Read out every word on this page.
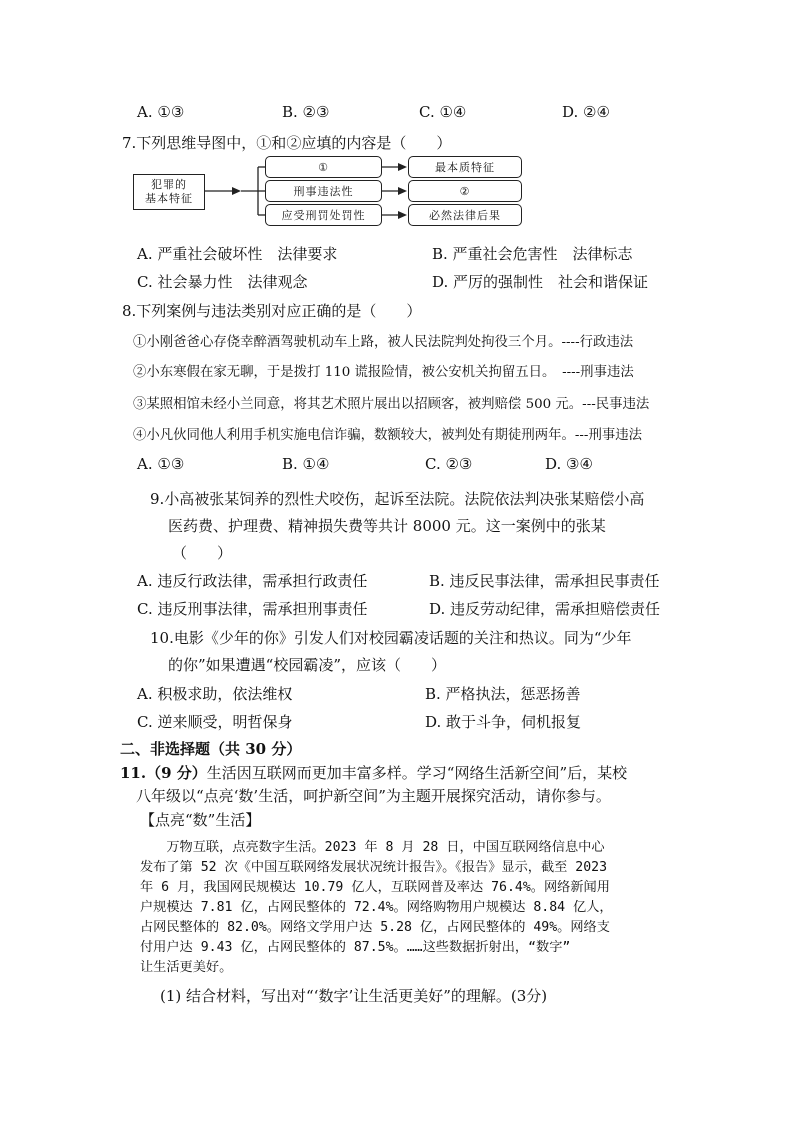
A. ①③	B. ②③	C. ①④	D. ②④
7.下列思维导图中，①和②应填的内容是（　　）
犯罪的
基本特征
①
刑事违法性
应受刑罚处罚性
最本质特征
②
必然法律后果
A. 严重社会破坏性　法律要求	B. 严重社会危害性　法律标志
C. 社会暴力性　法律观念	D. 严厉的强制性　社会和谐保证
8.下列案例与违法类别对应正确的是（　　）
①小刚爸爸心存侥幸醉酒驾驶机动车上路，被人民法院判处拘役三个月。----行政违法
②小东寒假在家无聊，于是拨打 110 谎报险情，被公安机关拘留五日。　----刑事违法
③某照相馆未经小兰同意，将其艺术照片展出以招顾客，被判赔偿 500 元。---民事违法
④小凡伙同他人利用手机实施电信诈骗，数额较大，被判处有期徒刑两年。---刑事违法
A. ①③	B. ①④	C. ②③	D. ③④
9.小高被张某饲养的烈性犬咬伤，起诉至法院。法院依法判决张某赔偿小高
医药费、护理费、精神损失费等共计 8000 元。这一案例中的张某
（　　）
A. 违反行政法律，需承担行政责任	B. 违反民事法律，需承担民事责任
C. 违反刑事法律，需承担刑事责任	D. 违反劳动纪律，需承担赔偿责任
10.电影《少年的你》引发人们对校园霸凌话题的关注和热议。同为“少年
的你”如果遭遇“校园霸凌”，应该（　　）
A. 积极求助，依法维权	B. 严格执法，惩恶扬善
C. 逆来顺受，明哲保身	D. 敢于斗争，伺机报复
二、非选择题（共 30 分）
11.（9 分）生活因互联网而更加丰富多样。学习“网络生活新空间”后，某校
八年级以“点亮‘数’生活，呵护新空间”为主题开展探究活动，请你参与。
【点亮“数”生活】
　　万物互联，点亮数字生活。2023 年 8 月 28 日，中国互联网络信息中心
发布了第 52 次《中国互联网络发展状况统计报告》。《报告》显示，截至 2023
年 6 月，我国网民规模达 10.79 亿人，互联网普及率达 76.4%。网络新闻用
户规模达 7.81 亿，占网民整体的 72.4%。网络购物用户规模达 8.84 亿人，
占网民整体的 82.0%。网络文学用户达 5.28 亿，占网民整体的 49%。网络支
付用户达 9.43 亿，占网民整体的 87.5%。……这些数据折射出，“数字”
让生活更美好。
(1) 结合材料，写出对“‘数字’让生活更美好”的理解。(3分)
